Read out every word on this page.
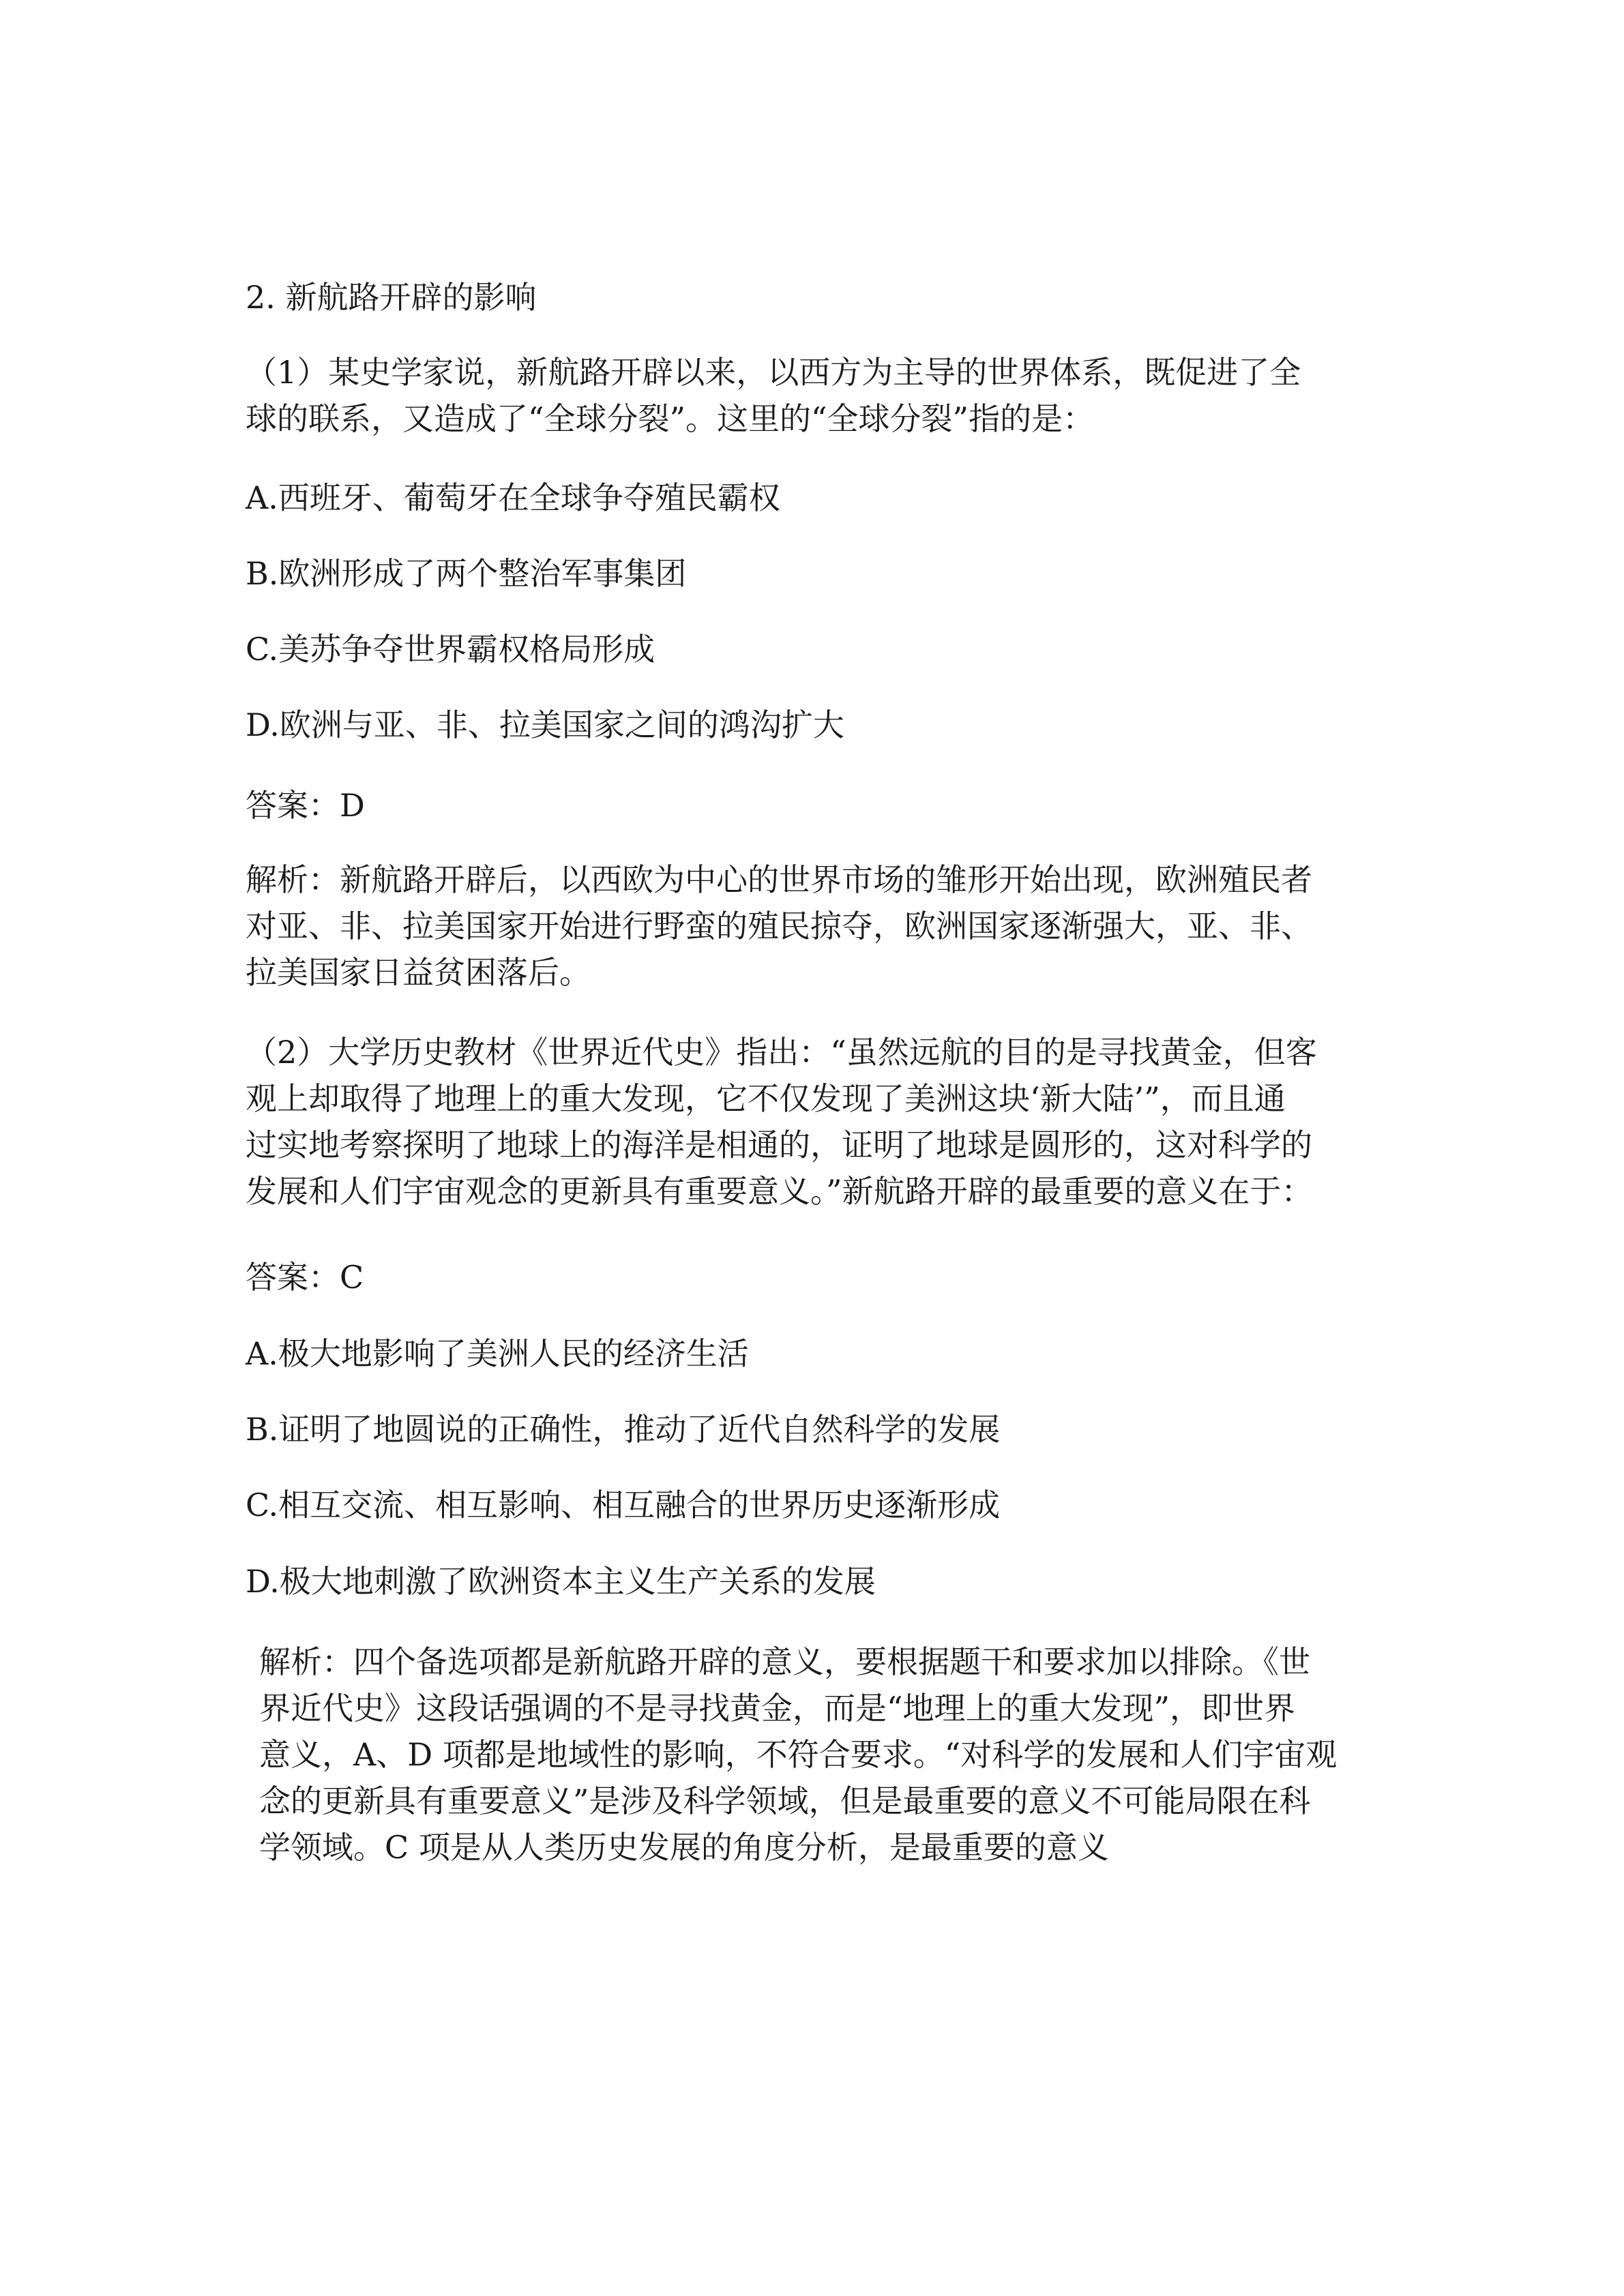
2. 新航路开辟的影响
（1）某史学家说，新航路开辟以来，以西方为主导的世界体系，既促进了全
球的联系，又造成了“全球分裂”。这里的“全球分裂”指的是：
A.西班牙、葡萄牙在全球争夺殖民霸权
B.欧洲形成了两个整治军事集团
C.美苏争夺世界霸权格局形成
D.欧洲与亚、非、拉美国家之间的鸿沟扩大
答案：D
解析：新航路开辟后，以西欧为中心的世界市场的雏形开始出现，欧洲殖民者
对亚、非、拉美国家开始进行野蛮的殖民掠夺，欧洲国家逐渐强大，亚、非、
拉美国家日益贫困落后。
（2）大学历史教材《世界近代史》指出：“虽然远航的目的是寻找黄金，但客
观上却取得了地理上的重大发现，它不仅发现了美洲这块‘新大陆’”，而且通
过实地考察探明了地球上的海洋是相通的，证明了地球是圆形的，这对科学的
发展和人们宇宙观念的更新具有重要意义。”新航路开辟的最重要的意义在于：
答案：C
A.极大地影响了美洲人民的经济生活
B.证明了地圆说的正确性，推动了近代自然科学的发展
C.相互交流、相互影响、相互融合的世界历史逐渐形成
D.极大地刺激了欧洲资本主义生产关系的发展
解析：四个备选项都是新航路开辟的意义，要根据题干和要求加以排除。《世
界近代史》这段话强调的不是寻找黄金，而是“地理上的重大发现”，即世界
意义，A、D 项都是地域性的影响，不符合要求。“对科学的发展和人们宇宙观
念的更新具有重要意义”是涉及科学领域，但是最重要的意义不可能局限在科
学领域。C 项是从人类历史发展的角度分析，是最重要的意义
